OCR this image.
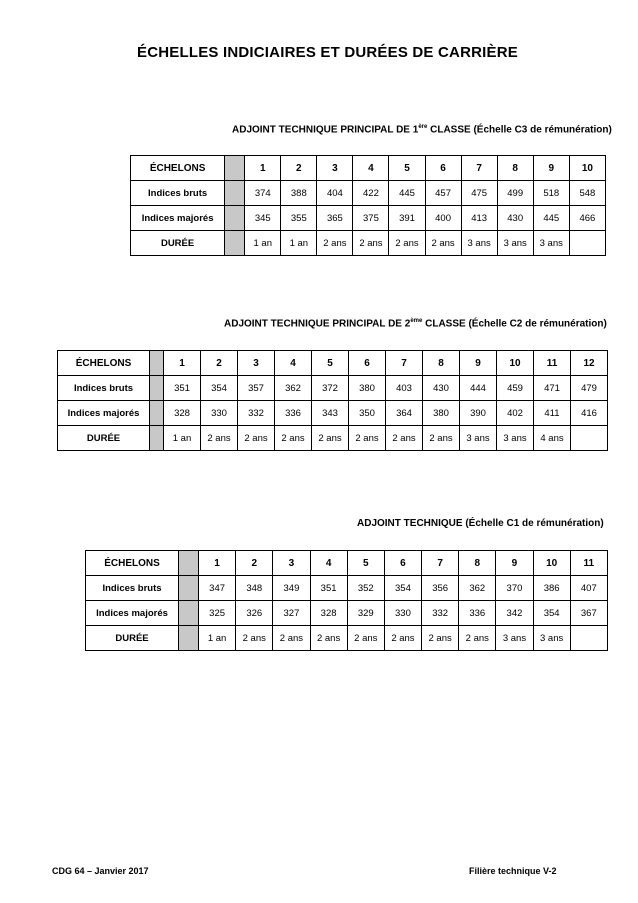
ÉCHELLES INDICIAIRES ET DURÉES DE CARRIÈRE
ADJOINT TECHNIQUE PRINCIPAL DE 1ère CLASSE (Échelle C3 de rémunération)
ÉCHELONS		1	2	3	4	5	6	7	8	9	10
Indices bruts		374	388	404	422	445	457	475	499	518	548
Indices majorés		345	355	365	375	391	400	413	430	445	466
DURÉE		1 an	1 an	2 ans	2 ans	2 ans	2 ans	3 ans	3 ans	3 ans	
ADJOINT TECHNIQUE PRINCIPAL DE 2ème CLASSE (Échelle C2 de rémunération)
ÉCHELONS		1	2	3	4	5	6	7	8	9	10	11	12
Indices bruts		351	354	357	362	372	380	403	430	444	459	471	479
Indices majorés		328	330	332	336	343	350	364	380	390	402	411	416
DURÉE		1 an	2 ans	2 ans	2 ans	2 ans	2 ans	2 ans	2 ans	3 ans	3 ans	4 ans	
ADJOINT TECHNIQUE (Échelle C1 de rémunération)
ÉCHELONS		1	2	3	4	5	6	7	8	9	10	11
Indices bruts		347	348	349	351	352	354	356	362	370	386	407
Indices majorés		325	326	327	328	329	330	332	336	342	354	367
DURÉE		1 an	2 ans	2 ans	2 ans	2 ans	2 ans	2 ans	2 ans	3 ans	3 ans	
CDG 64 – Janvier 2017	Filière technique V-2
